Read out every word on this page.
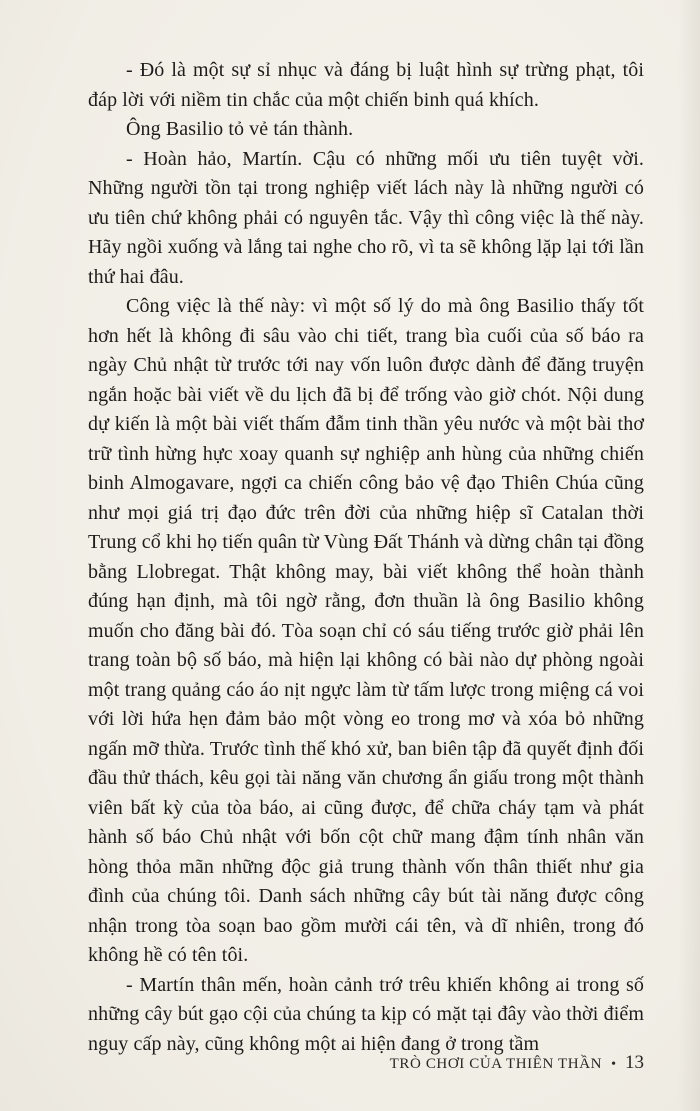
- Đó là một sự sỉ nhục và đáng bị luật hình sự trừng phạt, tôi đáp lời với niềm tin chắc của một chiến binh quá khích.

Ông Basilio tỏ vẻ tán thành.

- Hoàn hảo, Martín. Cậu có những mối ưu tiên tuyệt vời. Những người tồn tại trong nghiệp viết lách này là những người có ưu tiên chứ không phải có nguyên tắc. Vậy thì công việc là thế này. Hãy ngồi xuống và lắng tai nghe cho rõ, vì ta sẽ không lặp lại tới lần thứ hai đâu.

Công việc là thế này: vì một số lý do mà ông Basilio thấy tốt hơn hết là không đi sâu vào chi tiết, trang bìa cuối của số báo ra ngày Chủ nhật từ trước tới nay vốn luôn được dành để đăng truyện ngắn hoặc bài viết về du lịch đã bị để trống vào giờ chót. Nội dung dự kiến là một bài viết thấm đẫm tinh thần yêu nước và một bài thơ trữ tình hừng hực xoay quanh sự nghiệp anh hùng của những chiến binh Almogavare, ngợi ca chiến công bảo vệ đạo Thiên Chúa cũng như mọi giá trị đạo đức trên đời của những hiệp sĩ Catalan thời Trung cổ khi họ tiến quân từ Vùng Đất Thánh và dừng chân tại đồng bằng Llobregat. Thật không may, bài viết không thể hoàn thành đúng hạn định, mà tôi ngờ rằng, đơn thuần là ông Basilio không muốn cho đăng bài đó. Tòa soạn chỉ có sáu tiếng trước giờ phải lên trang toàn bộ số báo, mà hiện lại không có bài nào dự phòng ngoài một trang quảng cáo áo nịt ngực làm từ tấm lược trong miệng cá voi với lời hứa hẹn đảm bảo một vòng eo trong mơ và xóa bỏ những ngấn mỡ thừa. Trước tình thế khó xử, ban biên tập đã quyết định đối đầu thử thách, kêu gọi tài năng văn chương ẩn giấu trong một thành viên bất kỳ của tòa báo, ai cũng được, để chữa cháy tạm và phát hành số báo Chủ nhật với bốn cột chữ mang đậm tính nhân văn hòng thỏa mãn những độc giả trung thành vốn thân thiết như gia đình của chúng tôi. Danh sách những cây bút tài năng được công nhận trong tòa soạn bao gồm mười cái tên, và dĩ nhiên, trong đó không hề có tên tôi.

- Martín thân mến, hoàn cảnh trớ trêu khiến không ai trong số những cây bút gạo cội của chúng ta kịp có mặt tại đây vào thời điểm nguy cấp này, cũng không một ai hiện đang ở trong tầm

TRÒ CHƠI CỦA THIÊN THẦN • 13
